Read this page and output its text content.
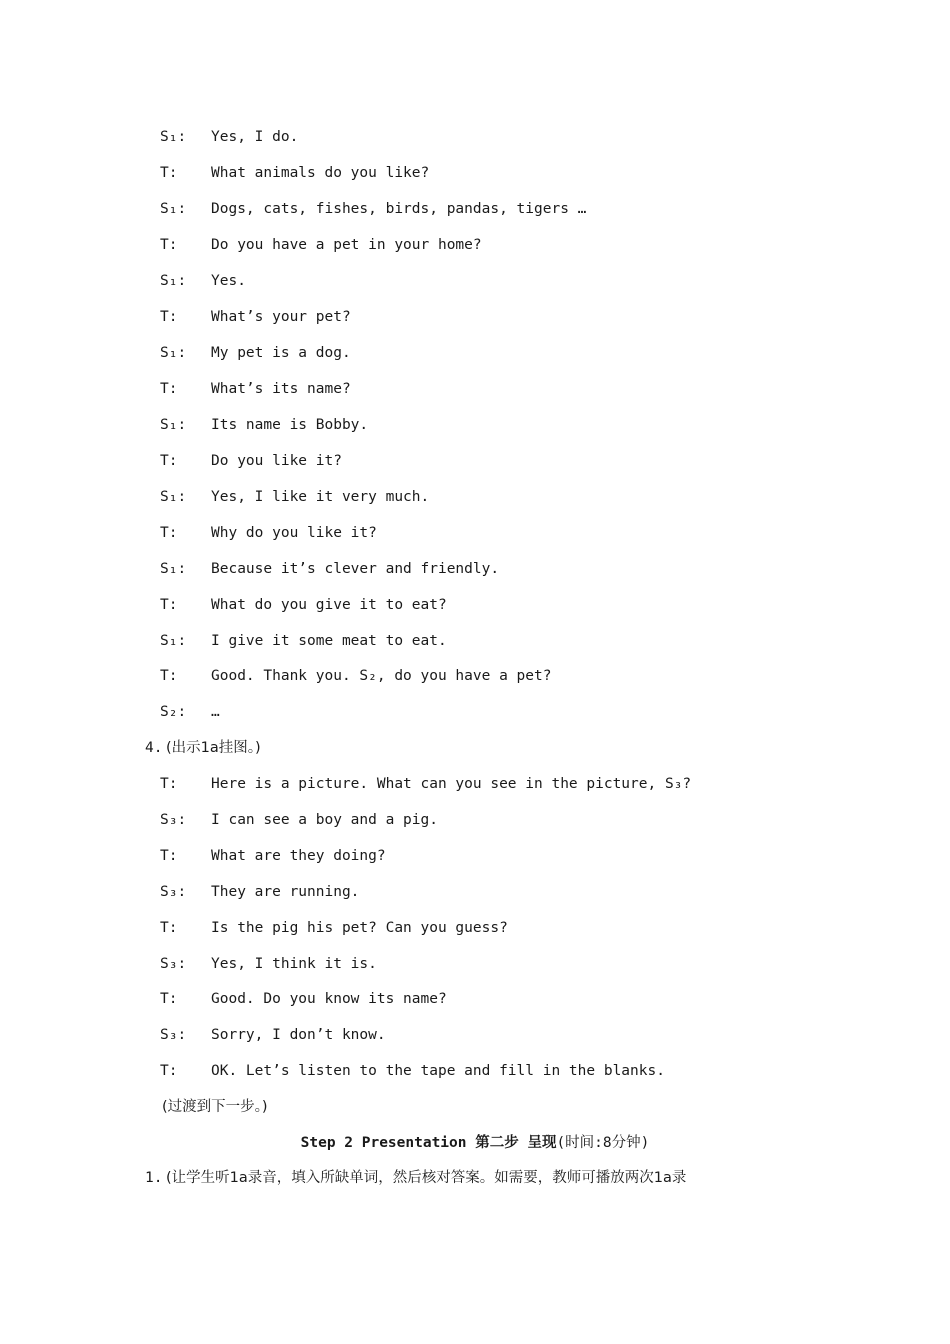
S₁: Yes, I do.
T: What animals do you like?
S₁: Dogs, cats, fishes, birds, pandas, tigers …
T: Do you have a pet in your home?
S₁: Yes.
T: What’s your pet?
S₁: My pet is a dog.
T: What’s its name?
S₁: Its name is Bobby.
T: Do you like it?
S₁: Yes, I like it very much.
T: Why do you like it?
S₁: Because it’s clever and friendly.
T: What do you give it to eat?
S₁: I give it some meat to eat.
T: Good. Thank you. S₂, do you have a pet?
S₂: …
4. (出示1a挂图。)
T: Here is a picture. What can you see in the picture, S₃?
S₃: I can see a boy and a pig.
T: What are they doing?
S₃: They are running.
T: Is the pig his pet? Can you guess?
S₃: Yes, I think it is.
T: Good. Do you know its name?
S₃: Sorry, I don’t know.
T: OK. Let’s listen to the tape and fill in the blanks.
(过渡到下一步。)
Step 2 Presentation 第二步 呈现(时间:8分钟)
1. (让学生听1a录音，填入所缺单词，然后核对答案。如需要，教师可播放两次1a录
